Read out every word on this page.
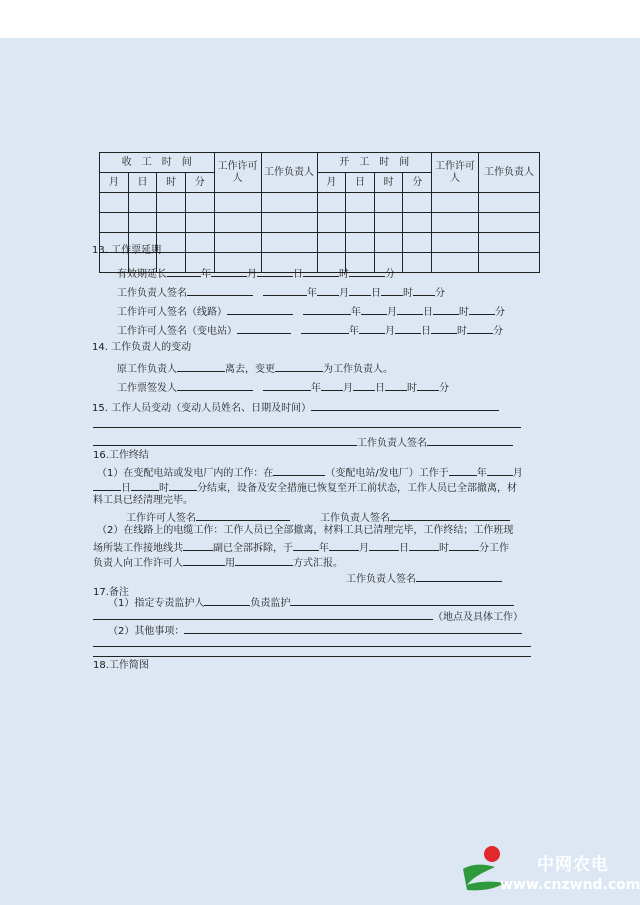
收　工　时　间				工作许可人	工作负责人	开　工　时　间				工作许可人	工作负责人
月	日	时	分			月	日	时	分		

13. 工作票延期
有效期延长	年	月	日	时	分
工作负责人签名　	年 月 日 时 分
工作许可人签名（线路）　	年	月	日	时	分
工作许可人签名（变电站）　	年	月	日	时	分
14. 工作负责人的变动
原工作负责人	离去，变更	为工作负责人。
工作票签发人　	年 月 日 时 分
15. 工作人员变动（变动人员姓名、日期及时间）
工作负责人签名
16.工作终结
（1）在变配电站或发电厂内的工作：在	（变配电站/发电厂）工作于	年	月
日	时	分结束，设备及安全措施已恢复至开工前状态，工作人员已全部撤离，材
料工具已经清理完毕。
工作许可人签名　　　	工作负责人签名
（2）在线路上的电缆工作：工作人员已全部撤离，材料工具已清理完毕，工作终结；工作班现
场所装工作接地线共	副已全部拆除，于	年	月	日	时	分工作
负责人向工作许可人	用	方式汇报。
工作负责人签名
17.备注
（1）指定专责监护人	负责监护
（地点及具体工作）
（2）其他事项：
18.工作简图
中网农电
www.cnzwnd.com
